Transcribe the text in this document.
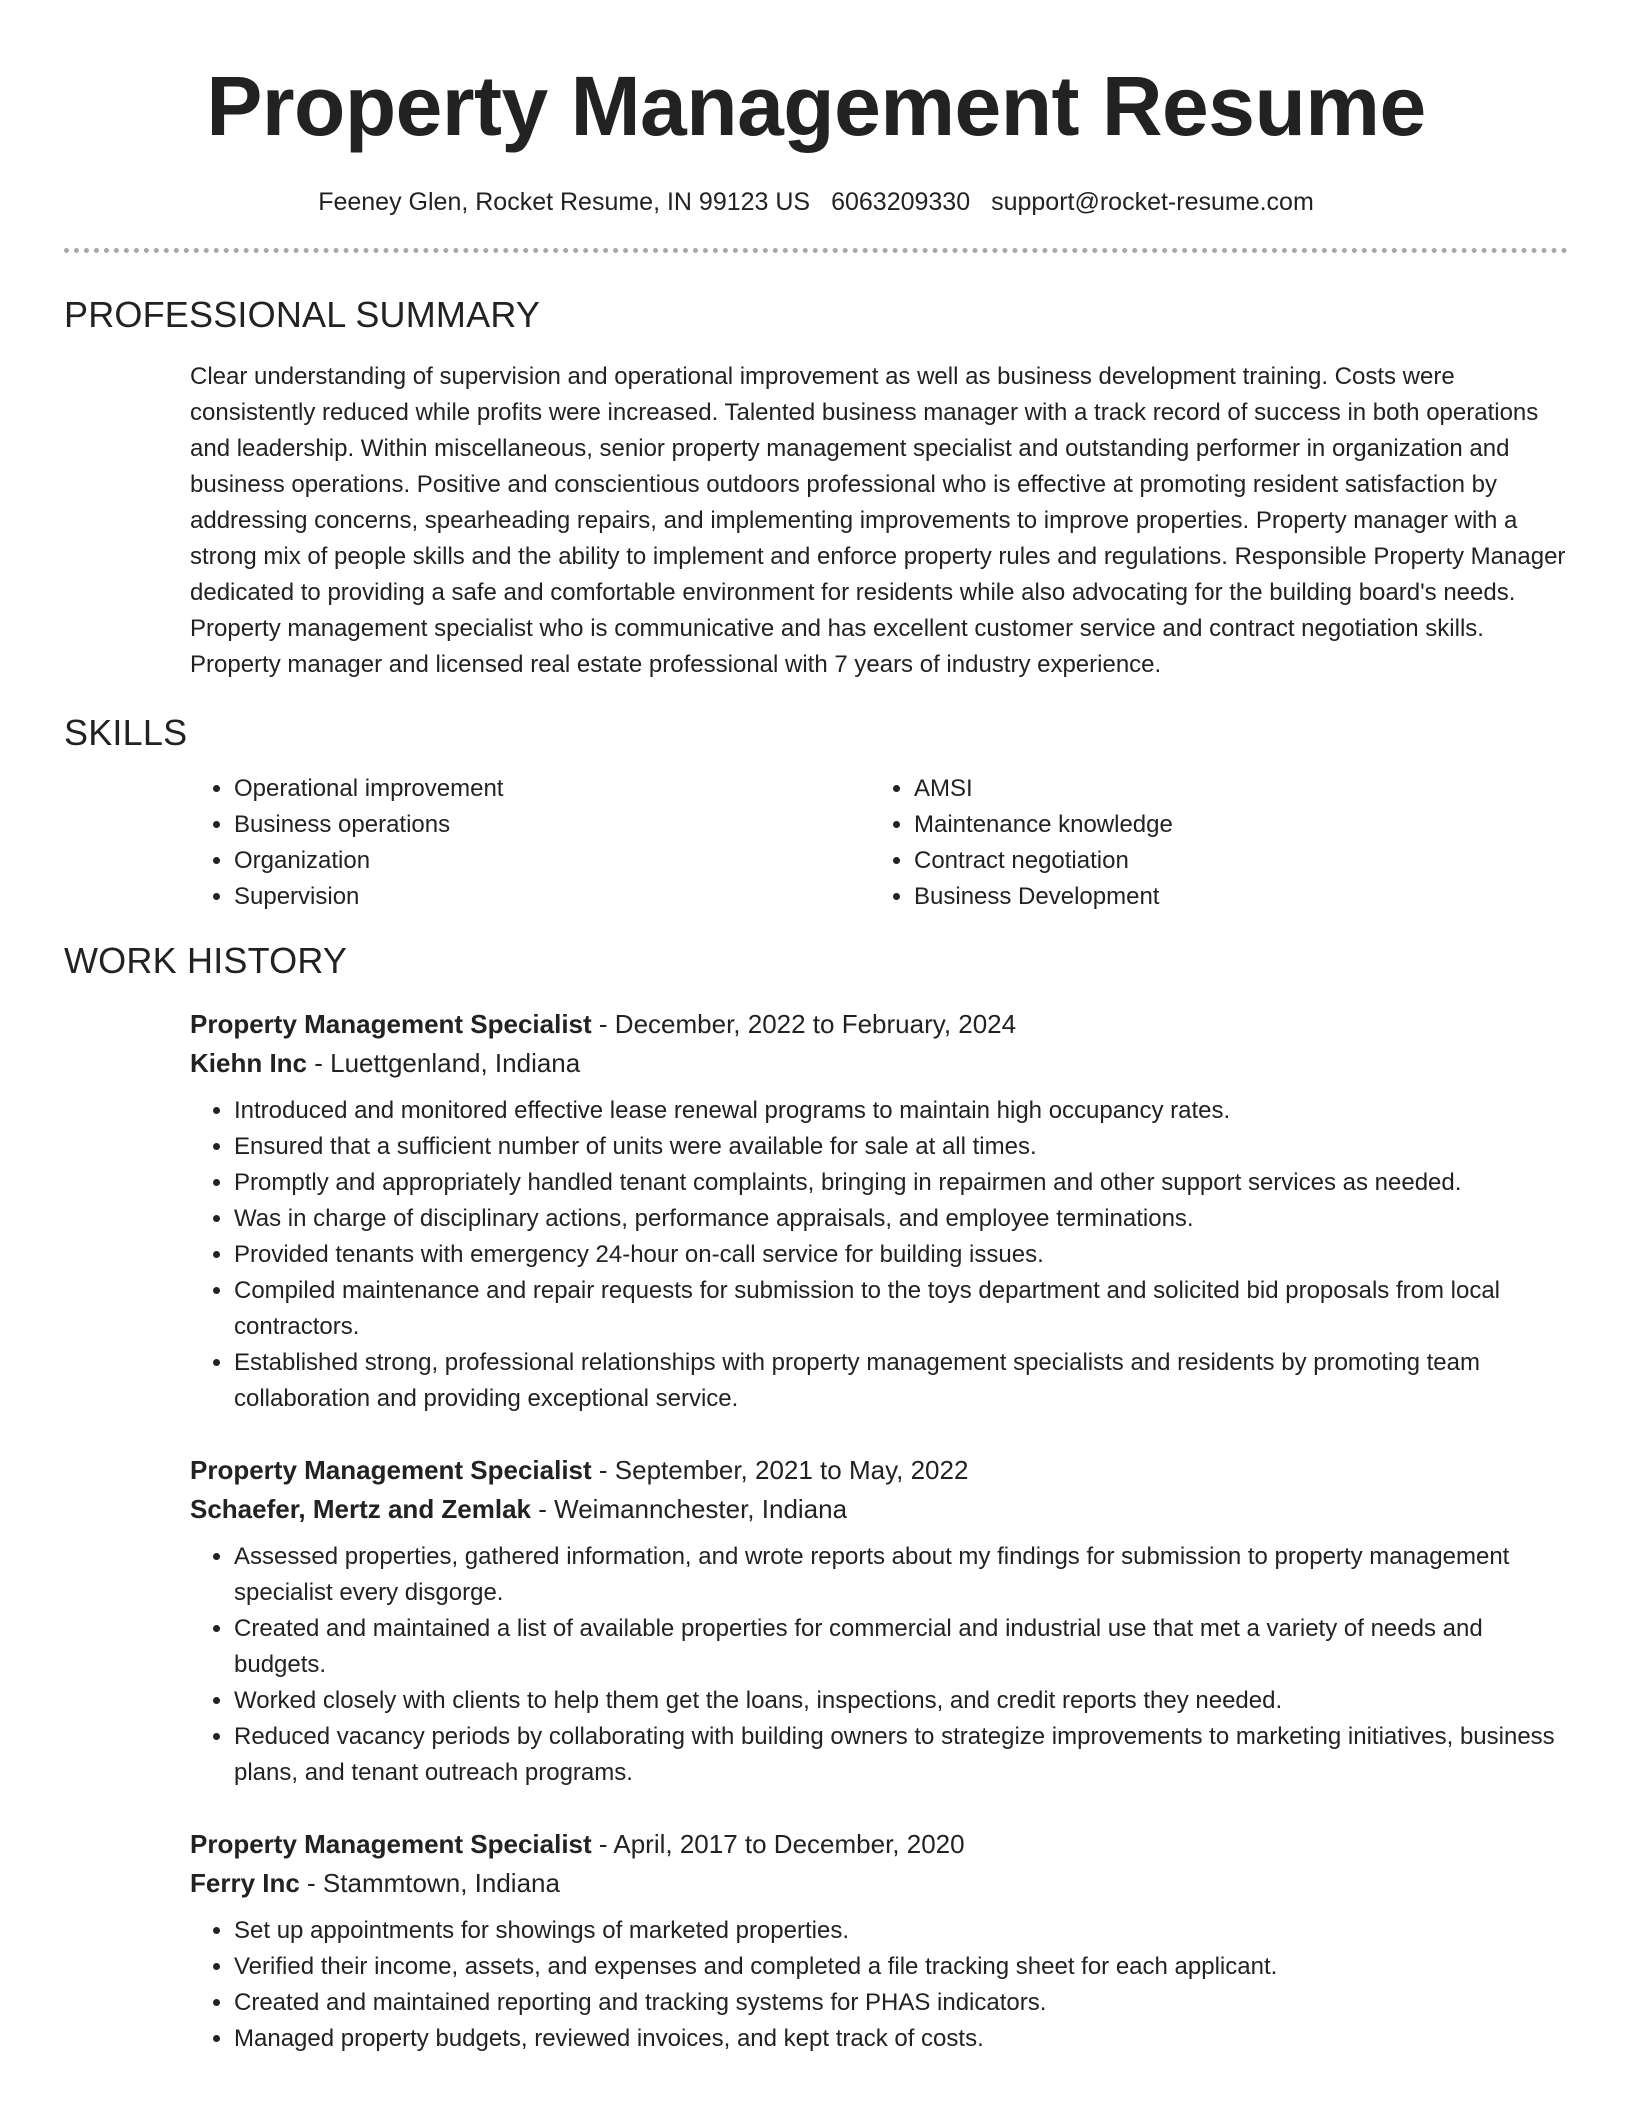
Property Management Resume
Feeney Glen, Rocket Resume, IN 99123 US 6063209330 support@rocket-resume.com
PROFESSIONAL SUMMARY

Clear understanding of supervision and operational improvement as well as business development training. Costs were consistently reduced while profits were increased. Talented business manager with a track record of success in both operations and leadership. Within miscellaneous, senior property management specialist and outstanding performer in organization and business operations. Positive and conscientious outdoors professional who is effective at promoting resident satisfaction by addressing concerns, spearheading repairs, and implementing improvements to improve properties. Property manager with a strong mix of people skills and the ability to implement and enforce property rules and regulations. Responsible Property Manager dedicated to providing a safe and comfortable environment for residents while also advocating for the building board's needs. Property management specialist who is communicative and has excellent customer service and contract negotiation skills. Property manager and licensed real estate professional with 7 years of industry experience.

SKILLS
• Operational improvement
• Business operations
• Organization
• Supervision
• AMSI
• Maintenance knowledge
• Contract negotiation
• Business Development
WORK HISTORY
Property Management Specialist - December, 2022 to February, 2024
Kiehn Inc - Luettgenland, Indiana
• Introduced and monitored effective lease renewal programs to maintain high occupancy rates.
• Ensured that a sufficient number of units were available for sale at all times.
• Promptly and appropriately handled tenant complaints, bringing in repairmen and other support services as needed.
• Was in charge of disciplinary actions, performance appraisals, and employee terminations.
• Provided tenants with emergency 24-hour on-call service for building issues.
• Compiled maintenance and repair requests for submission to the toys department and solicited bid proposals from local contractors.
• Established strong, professional relationships with property management specialists and residents by promoting team collaboration and providing exceptional service.
Property Management Specialist - September, 2021 to May, 2022
Schaefer, Mertz and Zemlak - Weimannchester, Indiana
• Assessed properties, gathered information, and wrote reports about my findings for submission to property management specialist every disgorge.
• Created and maintained a list of available properties for commercial and industrial use that met a variety of needs and budgets.
• Worked closely with clients to help them get the loans, inspections, and credit reports they needed.
• Reduced vacancy periods by collaborating with building owners to strategize improvements to marketing initiatives, business plans, and tenant outreach programs.
Property Management Specialist - April, 2017 to December, 2020
Ferry Inc - Stammtown, Indiana
• Set up appointments for showings of marketed properties.
• Verified their income, assets, and expenses and completed a file tracking sheet for each applicant.
• Created and maintained reporting and tracking systems for PHAS indicators.
• Managed property budgets, reviewed invoices, and kept track of costs.
